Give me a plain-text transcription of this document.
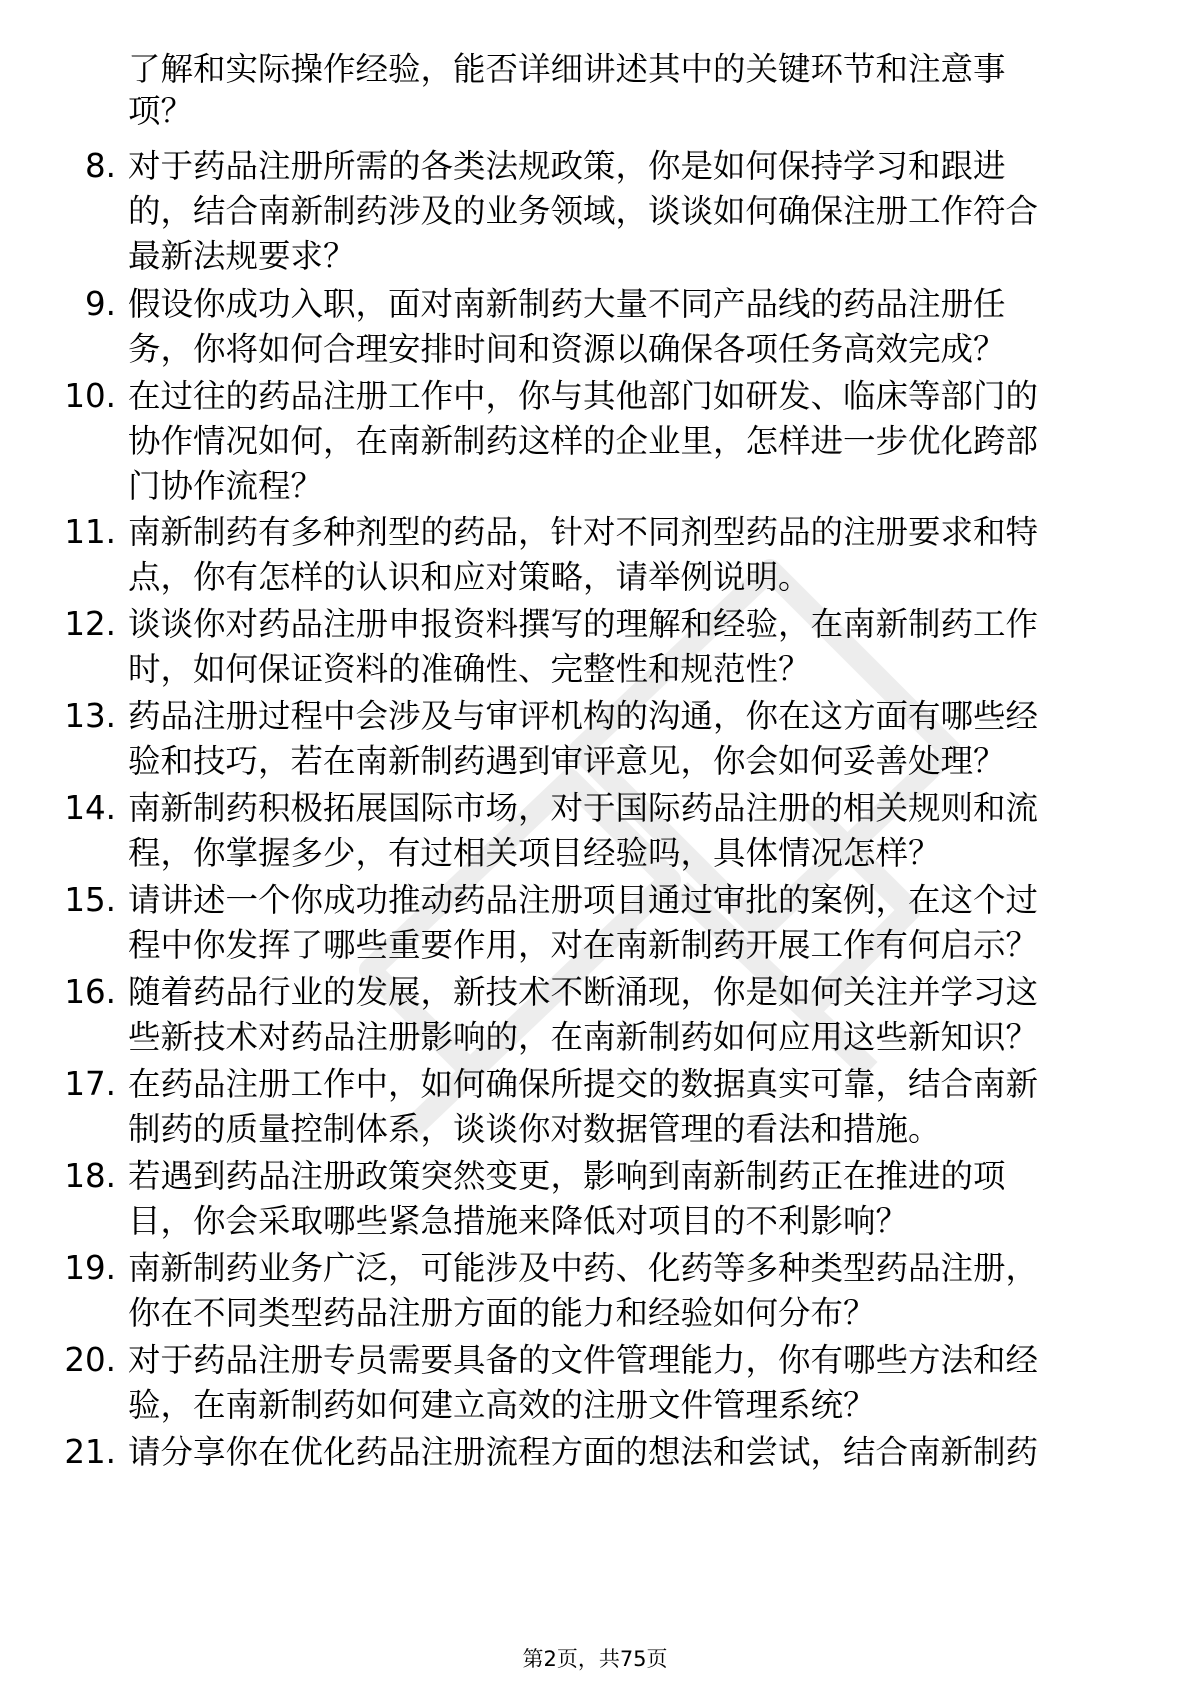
了解和实际操作经验，能否详细讲述其中的关键环节和注意事
项？
8. 对于药品注册所需的各类法规政策，你是如何保持学习和跟进
的，结合南新制药涉及的业务领域，谈谈如何确保注册工作符合
最新法规要求？
9. 假设你成功入职，面对南新制药大量不同产品线的药品注册任
务，你将如何合理安排时间和资源以确保各项任务高效完成？
10. 在过往的药品注册工作中，你与其他部门如研发、临床等部门的
协作情况如何，在南新制药这样的企业里，怎样进一步优化跨部
门协作流程？
11. 南新制药有多种剂型的药品，针对不同剂型药品的注册要求和特
点，你有怎样的认识和应对策略，请举例说明。
12. 谈谈你对药品注册申报资料撰写的理解和经验，在南新制药工作
时，如何保证资料的准确性、完整性和规范性？
13. 药品注册过程中会涉及与审评机构的沟通，你在这方面有哪些经
验和技巧，若在南新制药遇到审评意见，你会如何妥善处理？
14. 南新制药积极拓展国际市场，对于国际药品注册的相关规则和流
程，你掌握多少，有过相关项目经验吗，具体情况怎样？
15. 请讲述一个你成功推动药品注册项目通过审批的案例，在这个过
程中你发挥了哪些重要作用，对在南新制药开展工作有何启示？
16. 随着药品行业的发展，新技术不断涌现，你是如何关注并学习这
些新技术对药品注册影响的，在南新制药如何应用这些新知识？
17. 在药品注册工作中，如何确保所提交的数据真实可靠，结合南新
制药的质量控制体系，谈谈你对数据管理的看法和措施。
18. 若遇到药品注册政策突然变更，影响到南新制药正在推进的项
目，你会采取哪些紧急措施来降低对项目的不利影响？
19. 南新制药业务广泛，可能涉及中药、化药等多种类型药品注册，
你在不同类型药品注册方面的能力和经验如何分布？
20. 对于药品注册专员需要具备的文件管理能力，你有哪些方法和经
验，在南新制药如何建立高效的注册文件管理系统？
21. 请分享你在优化药品注册流程方面的想法和尝试，结合南新制药
第2页，共75页
